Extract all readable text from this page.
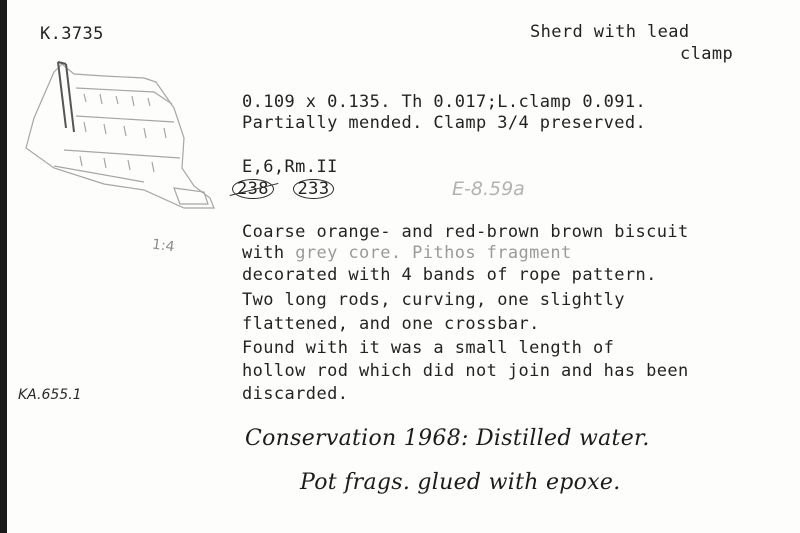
K.3735	Sherd with lead
clamp
1:4
KA.655.1
0.109 x 0.135. Th 0.017;L.clamp 0.091.
Partially mended. Clamp 3/4 preserved.
E,6,Rm.II
238 233	E-8.59a
Coarse orange- and red-brown brown biscuit
with grey core. Pithos fragment
decorated with 4 bands of rope pattern.
Two long rods, curving, one slightly
flattened, and one crossbar.
Found with it was a small length of
hollow rod which did not join and has been
discarded.
Conservation 1968: Distilled water.
Pot frags. glued with epoxe.
